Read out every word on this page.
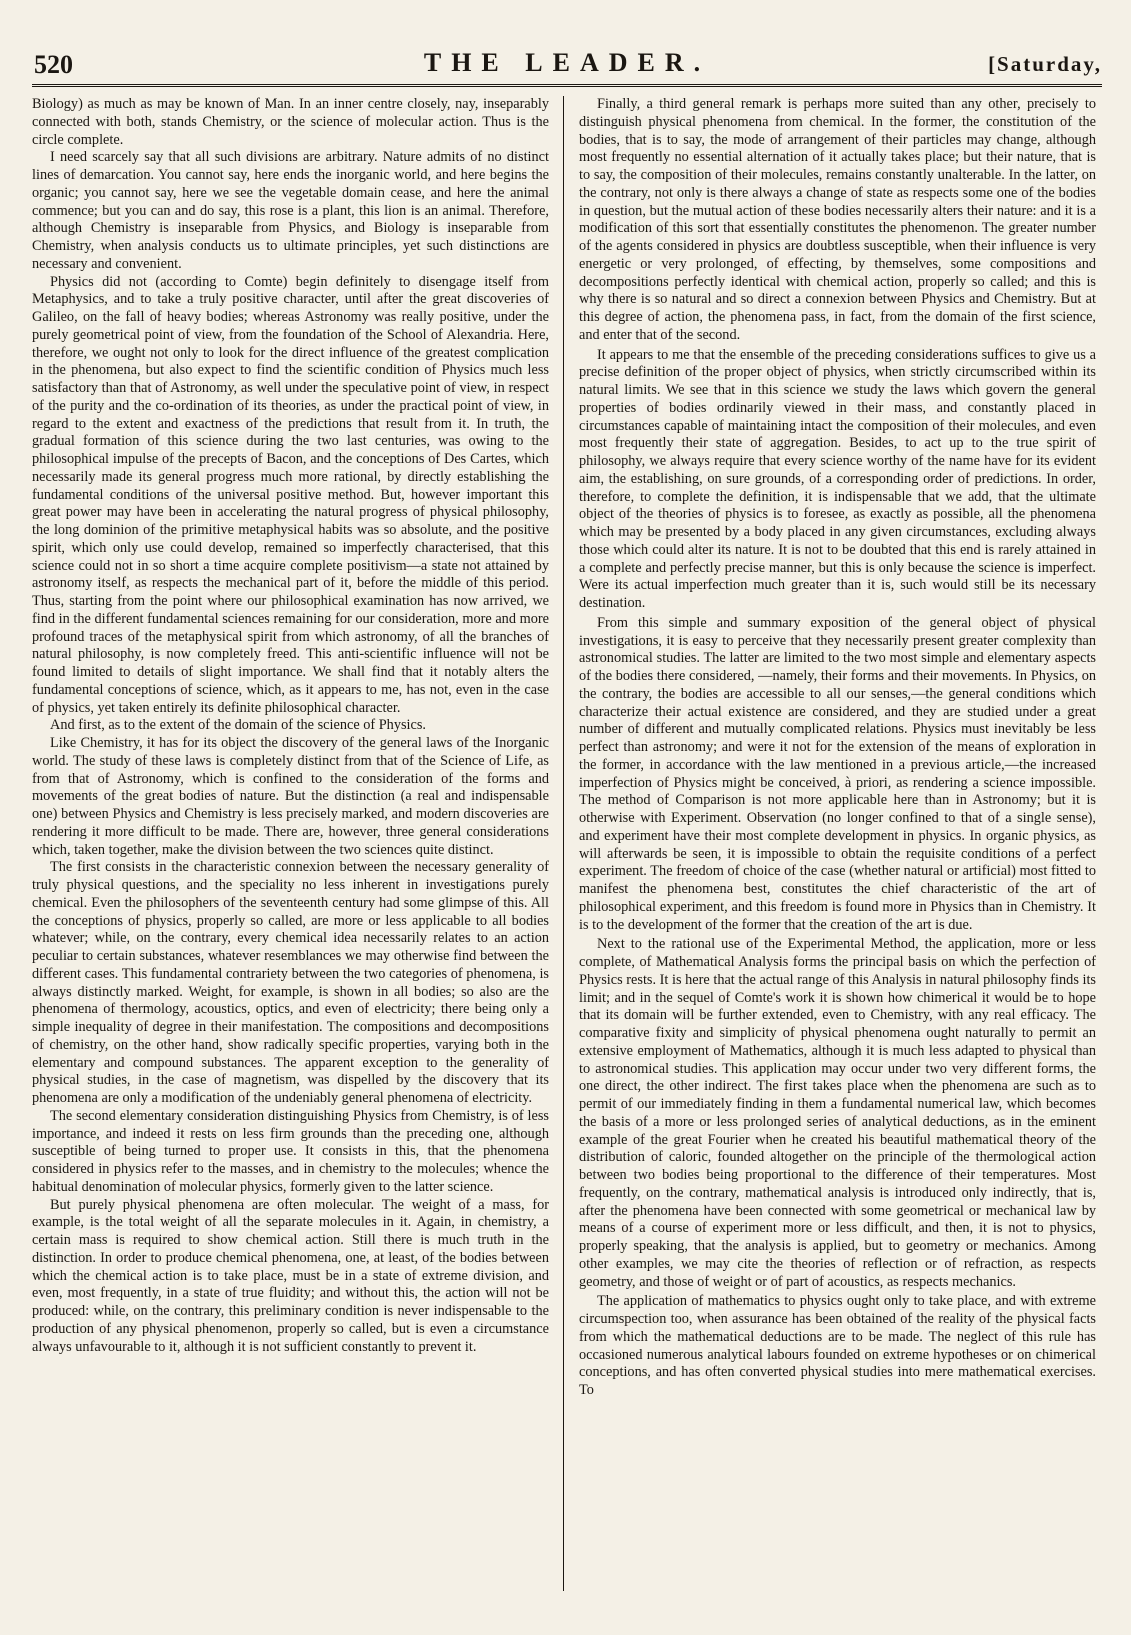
520	THE LEADER.	[Saturday,

Biology) as much as may be known of Man. In an inner centre closely, nay, inseparably connected with both, stands Chemistry, or the science of molecular action. Thus is the circle complete.

I need scarcely say that all such divisions are arbitrary. Nature admits of no distinct lines of demarcation. You cannot say, here ends the inorganic world, and here begins the organic; you cannot say, here we see the vegetable domain cease, and here the animal commence; but you can and do say, this rose is a plant, this lion is an animal. Therefore, although Chemistry is inseparable from Physics, and Biology is inseparable from Chemistry, when analysis conducts us to ultimate principles, yet such distinctions are necessary and convenient.

Physics did not (according to Comte) begin definitely to disengage itself from Metaphysics, and to take a truly positive character, until after the great discoveries of Galileo, on the fall of heavy bodies; whereas Astronomy was really positive, under the purely geometrical point of view, from the foundation of the School of Alexandria. Here, therefore, we ought not only to look for the direct influence of the greatest complication in the phenomena, but also expect to find the scientific condition of Physics much less satisfactory than that of Astronomy, as well under the speculative point of view, in respect of the purity and the co-ordination of its theories, as under the practical point of view, in regard to the extent and exactness of the predictions that result from it. In truth, the gradual formation of this science during the two last centuries, was owing to the philosophical impulse of the precepts of Bacon, and the conceptions of Des Cartes, which necessarily made its general progress much more rational, by directly establishing the fundamental conditions of the universal positive method. But, however important this great power may have been in accelerating the natural progress of physical philosophy, the long dominion of the primitive metaphysical habits was so absolute, and the positive spirit, which only use could develop, remained so imperfectly characterised, that this science could not in so short a time acquire complete positivism—a state not attained by astronomy itself, as respects the mechanical part of it, before the middle of this period. Thus, starting from the point where our philosophical examination has now arrived, we find in the different fundamental sciences remaining for our consideration, more and more profound traces of the metaphysical spirit from which astronomy, of all the branches of natural philosophy, is now completely freed. This anti-scientific influence will not be found limited to details of slight importance. We shall find that it notably alters the fundamental conceptions of science, which, as it appears to me, has not, even in the case of physics, yet taken entirely its definite philosophical character.

And first, as to the extent of the domain of the science of Physics.

Like Chemistry, it has for its object the discovery of the general laws of the Inorganic world. The study of these laws is completely distinct from that of the Science of Life, as from that of Astronomy, which is confined to the consideration of the forms and movements of the great bodies of nature. But the distinction (a real and indispensable one) between Physics and Chemistry is less precisely marked, and modern discoveries are rendering it more difficult to be made. There are, however, three general considerations which, taken together, make the division between the two sciences quite distinct.

The first consists in the characteristic connexion between the necessary generality of truly physical questions, and the speciality no less inherent in investigations purely chemical. Even the philosophers of the seventeenth century had some glimpse of this. All the conceptions of physics, properly so called, are more or less applicable to all bodies whatever; while, on the contrary, every chemical idea necessarily relates to an action peculiar to certain substances, whatever resemblances we may otherwise find between the different cases. This fundamental contrariety between the two categories of phenomena, is always distinctly marked. Weight, for example, is shown in all bodies; so also are the phenomena of thermology, acoustics, optics, and even of electricity; there being only a simple inequality of degree in their manifestation. The compositions and decompositions of chemistry, on the other hand, show radically specific properties, varying both in the elementary and compound substances. The apparent exception to the generality of physical studies, in the case of magnetism, was dispelled by the discovery that its phenomena are only a modification of the undeniably general phenomena of electricity.

The second elementary consideration distinguishing Physics from Chemistry, is of less importance, and indeed it rests on less firm grounds than the preceding one, although susceptible of being turned to proper use. It consists in this, that the phenomena considered in physics refer to the masses, and in chemistry to the molecules; whence the habitual denomination of molecular physics, formerly given to the latter science.

But purely physical phenomena are often molecular. The weight of a mass, for example, is the total weight of all the separate molecules in it. Again, in chemistry, a certain mass is required to show chemical action. Still there is much truth in the distinction. In order to produce chemical phenomena, one, at least, of the bodies between which the chemical action is to take place, must be in a state of extreme division, and even, most frequently, in a state of true fluidity; and without this, the action will not be produced: while, on the contrary, this preliminary condition is never indispensable to the production of any physical phenomenon, properly so called, but is even a circumstance always unfavourable to it, although it is not sufficient constantly to prevent it.

Finally, a third general remark is perhaps more suited than any other, precisely to distinguish physical phenomena from chemical. In the former, the constitution of the bodies, that is to say, the mode of arrangement of their particles may change, although most frequently no essential alternation of it actually takes place; but their nature, that is to say, the composition of their molecules, remains constantly unalterable. In the latter, on the contrary, not only is there always a change of state as respects some one of the bodies in question, but the mutual action of these bodies necessarily alters their nature: and it is a modification of this sort that essentially constitutes the phenomenon. The greater number of the agents considered in physics are doubtless susceptible, when their influence is very energetic or very prolonged, of effecting, by themselves, some compositions and decompositions perfectly identical with chemical action, properly so called; and this is why there is so natural and so direct a connexion between Physics and Chemistry. But at this degree of action, the phenomena pass, in fact, from the domain of the first science, and enter that of the second.

It appears to me that the ensemble of the preceding considerations suffices to give us a precise definition of the proper object of physics, when strictly circumscribed within its natural limits. We see that in this science we study the laws which govern the general properties of bodies ordinarily viewed in their mass, and constantly placed in circumstances capable of maintaining intact the composition of their molecules, and even most frequently their state of aggregation. Besides, to act up to the true spirit of philosophy, we always require that every science worthy of the name have for its evident aim, the establishing, on sure grounds, of a corresponding order of predictions. In order, therefore, to complete the definition, it is indispensable that we add, that the ultimate object of the theories of physics is to foresee, as exactly as possible, all the phenomena which may be presented by a body placed in any given circumstances, excluding always those which could alter its nature. It is not to be doubted that this end is rarely attained in a complete and perfectly precise manner, but this is only because the science is imperfect. Were its actual imperfection much greater than it is, such would still be its necessary destination.

From this simple and summary exposition of the general object of physical investigations, it is easy to perceive that they necessarily present greater complexity than astronomical studies. The latter are limited to the two most simple and elementary aspects of the bodies there considered, —namely, their forms and their movements. In Physics, on the contrary, the bodies are accessible to all our senses,—the general conditions which characterize their actual existence are considered, and they are studied under a great number of different and mutually complicated relations. Physics must inevitably be less perfect than astronomy; and were it not for the extension of the means of exploration in the former, in accordance with the law mentioned in a previous article,—the increased imperfection of Physics might be conceived, à priori, as rendering a science impossible. The method of Comparison is not more applicable here than in Astronomy; but it is otherwise with Experiment. Observation (no longer confined to that of a single sense), and experiment have their most complete development in physics. In organic physics, as will afterwards be seen, it is impossible to obtain the requisite conditions of a perfect experiment. The freedom of choice of the case (whether natural or artificial) most fitted to manifest the phenomena best, constitutes the chief characteristic of the art of philosophical experiment, and this freedom is found more in Physics than in Chemistry. It is to the development of the former that the creation of the art is due.

Next to the rational use of the Experimental Method, the application, more or less complete, of Mathematical Analysis forms the principal basis on which the perfection of Physics rests. It is here that the actual range of this Analysis in natural philosophy finds its limit; and in the sequel of Comte's work it is shown how chimerical it would be to hope that its domain will be further extended, even to Chemistry, with any real efficacy. The comparative fixity and simplicity of physical phenomena ought naturally to permit an extensive employment of Mathematics, although it is much less adapted to physical than to astronomical studies. This application may occur under two very different forms, the one direct, the other indirect. The first takes place when the phenomena are such as to permit of our immediately finding in them a fundamental numerical law, which becomes the basis of a more or less prolonged series of analytical deductions, as in the eminent example of the great Fourier when he created his beautiful mathematical theory of the distribution of caloric, founded altogether on the principle of the thermological action between two bodies being proportional to the difference of their temperatures. Most frequently, on the contrary, mathematical analysis is introduced only indirectly, that is, after the phenomena have been connected with some geometrical or mechanical law by means of a course of experiment more or less difficult, and then, it is not to physics, properly speaking, that the analysis is applied, but to geometry or mechanics. Among other examples, we may cite the theories of reflection or of refraction, as respects geometry, and those of weight or of part of acoustics, as respects mechanics.

The application of mathematics to physics ought only to take place, and with extreme circumspection too, when assurance has been obtained of the reality of the physical facts from which the mathematical deductions are to be made. The neglect of this rule has occasioned numerous analytical labours founded on extreme hypotheses or on chimerical conceptions, and has often converted physical studies into mere mathematical exercises. To
